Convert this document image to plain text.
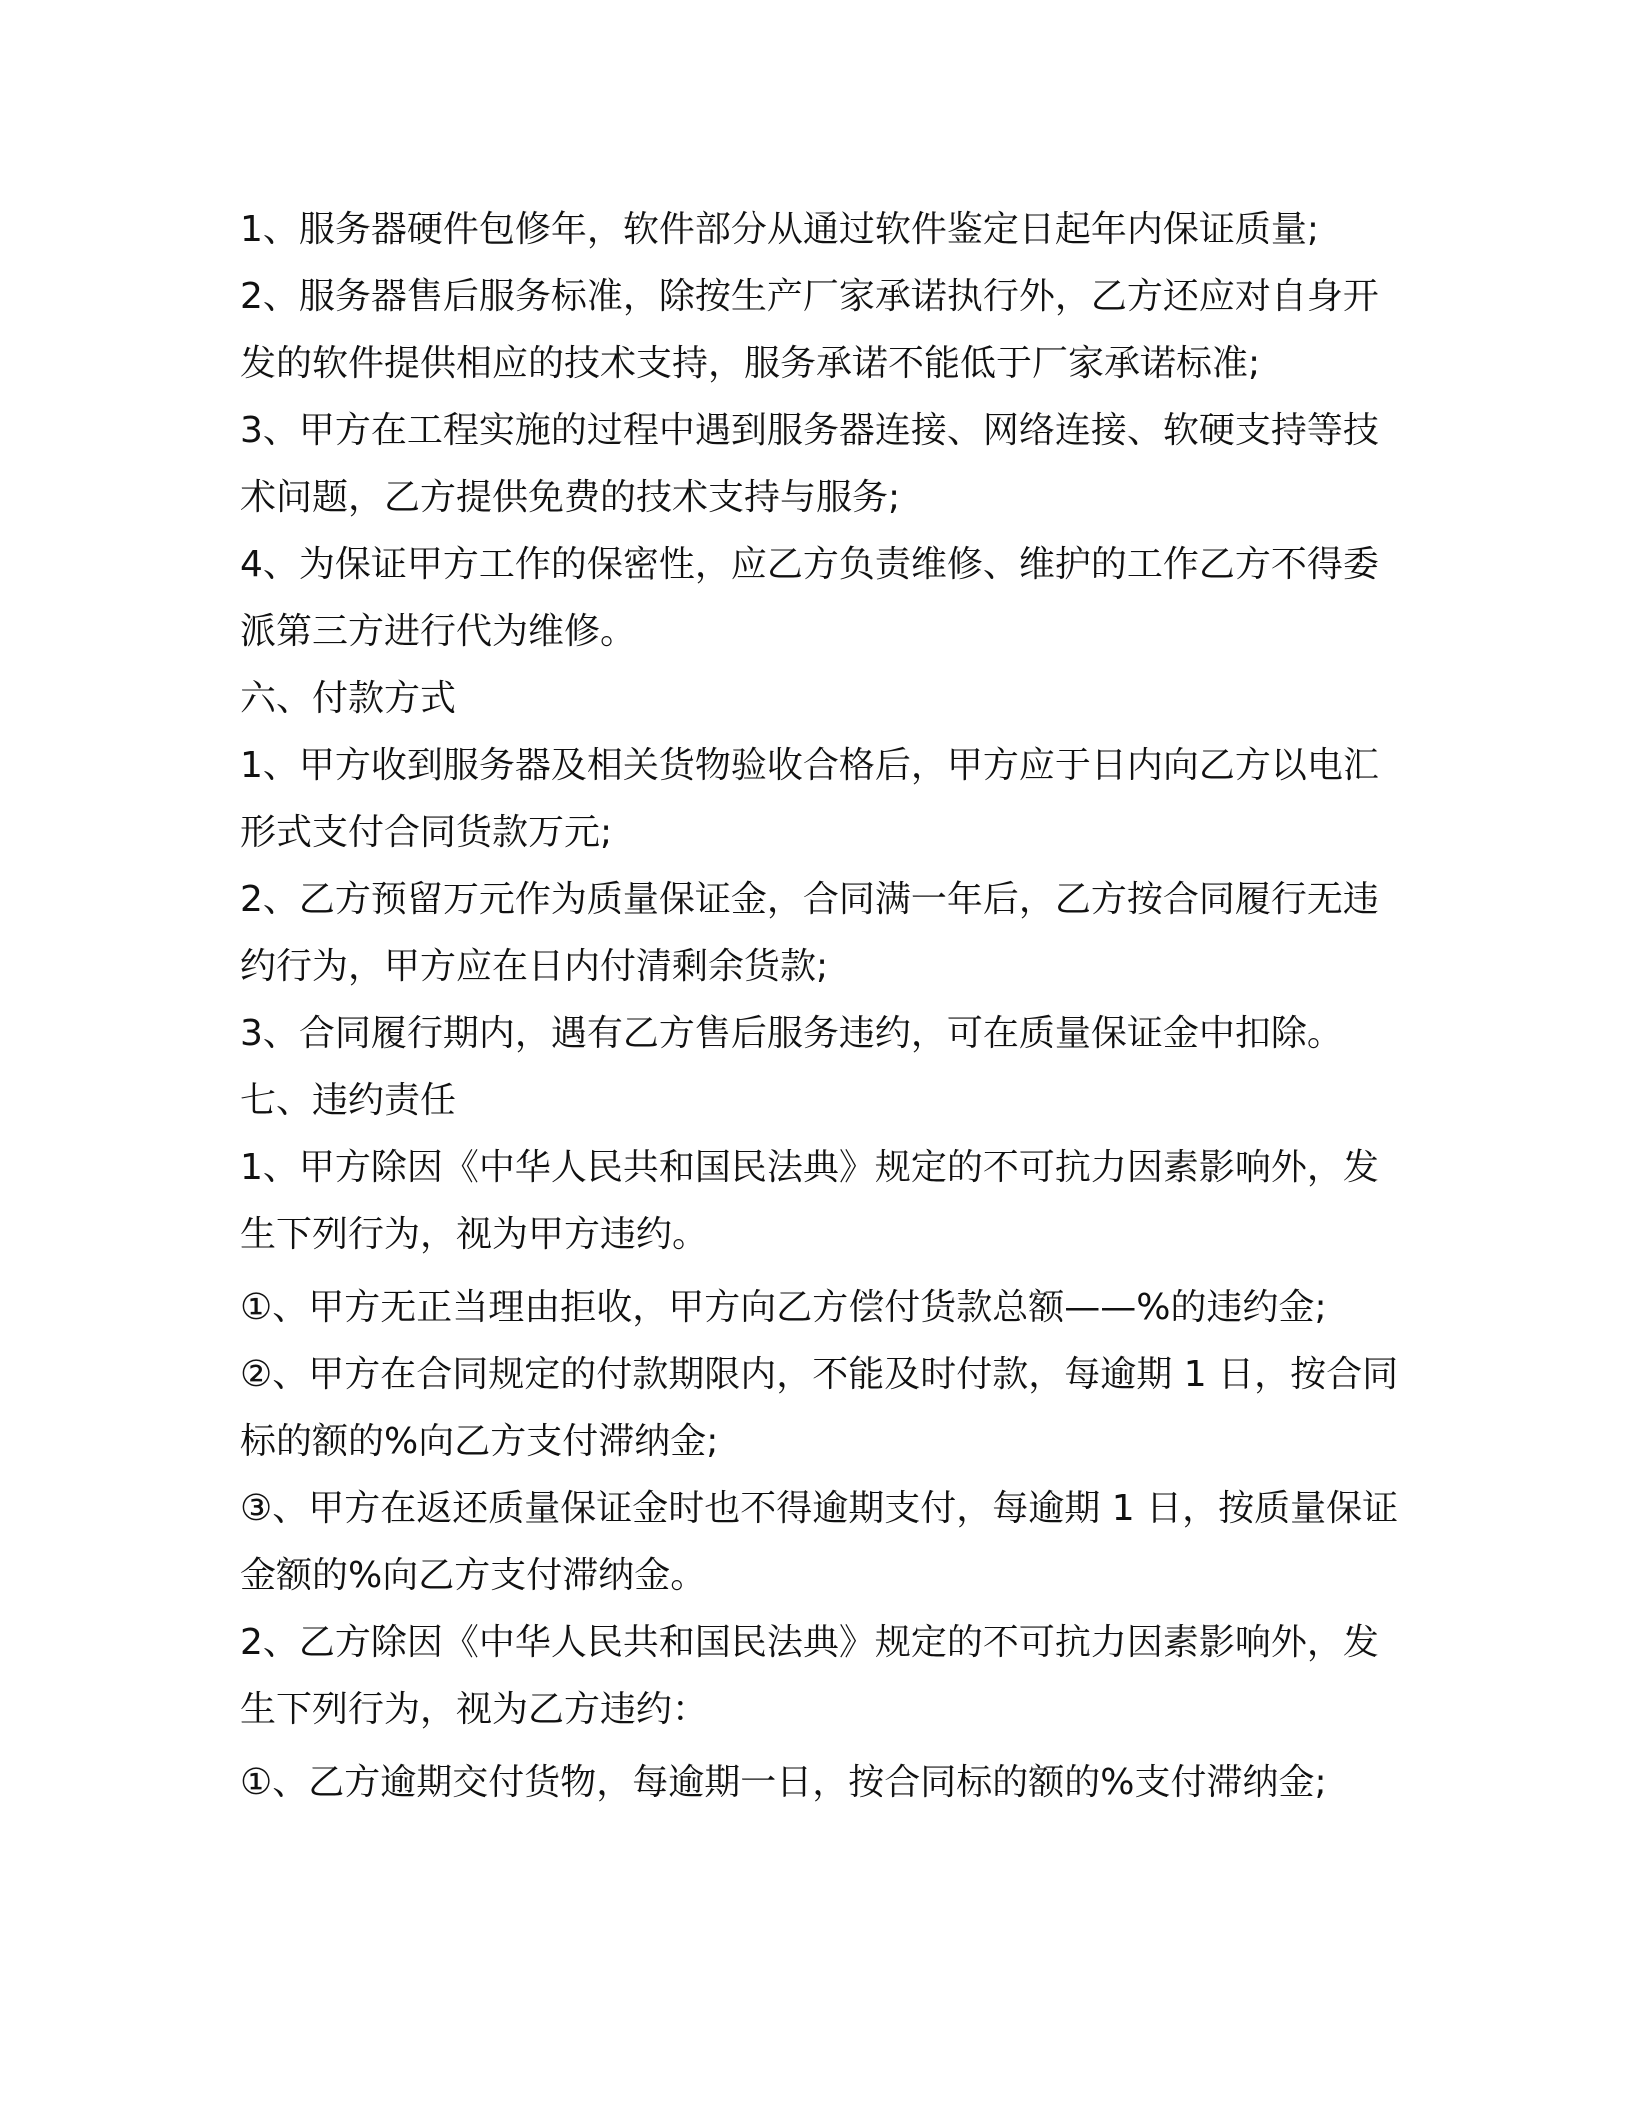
1、服务器硬件包修年，软件部分从通过软件鉴定日起年内保证质量;

2、服务器售后服务标准，除按生产厂家承诺执行外，乙方还应对自身开发的软件提供相应的技术支持，服务承诺不能低于厂家承诺标准;

3、甲方在工程实施的过程中遇到服务器连接、网络连接、软硬支持等技术问题，乙方提供免费的技术支持与服务;

4、为保证甲方工作的保密性，应乙方负责维修、维护的工作乙方不得委派第三方进行代为维修。

六、付款方式

1、甲方收到服务器及相关货物验收合格后，甲方应于日内向乙方以电汇形式支付合同货款万元;

2、乙方预留万元作为质量保证金，合同满一年后，乙方按合同履行无违约行为，甲方应在日内付清剩余货款;

3、合同履行期内，遇有乙方售后服务违约，可在质量保证金中扣除。

七、违约责任

1、甲方除因《中华人民共和国民法典》规定的不可抗力因素影响外，发生下列行为，视为甲方违约。

①、甲方无正当理由拒收，甲方向乙方偿付货款总额——%的违约金;

②、甲方在合同规定的付款期限内，不能及时付款，每逾期 1 日，按合同标的额的%向乙方支付滞纳金;

③、甲方在返还质量保证金时也不得逾期支付，每逾期 1 日，按质量保证金额的%向乙方支付滞纳金。

2、乙方除因《中华人民共和国民法典》规定的不可抗力因素影响外，发生下列行为，视为乙方违约：

①、乙方逾期交付货物，每逾期一日，按合同标的额的%支付滞纳金;
